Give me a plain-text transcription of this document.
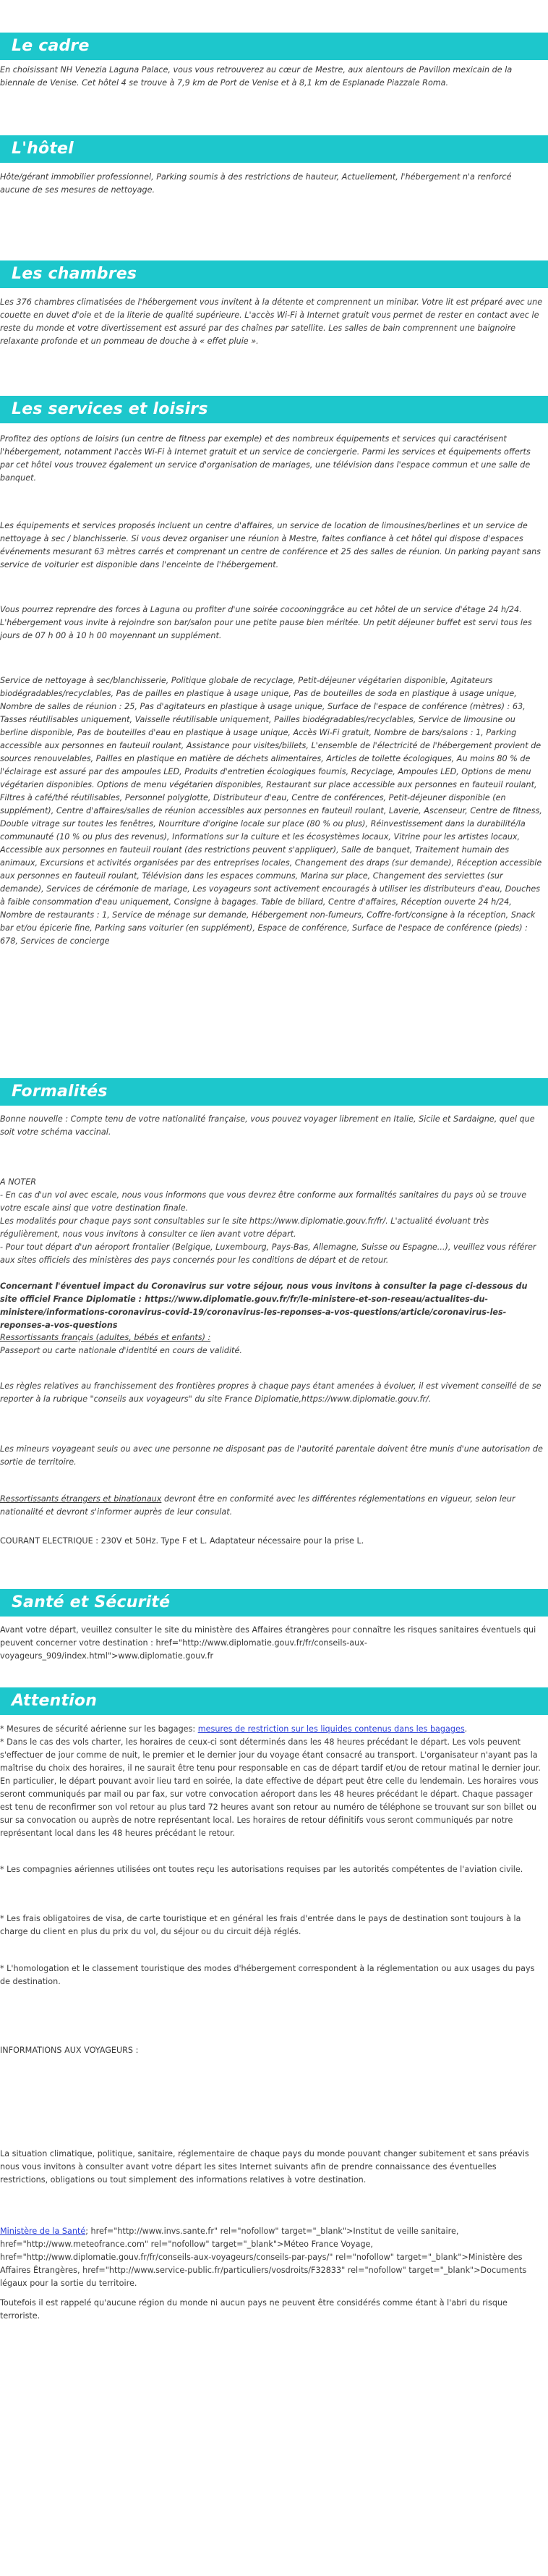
Le cadre

En choisissant NH Venezia Laguna Palace, vous vous retrouverez au cœur de Mestre, aux alentours de Pavillon mexicain de la biennale de Venise. Cet hôtel 4 se trouve à 7,9 km de Port de Venise et à 8,1 km de Esplanade Piazzale Roma.

L'hôtel

Hôte/gérant immobilier professionnel, Parking soumis à des restrictions de hauteur, Actuellement, l'hébergement n'a renforcé aucune de ses mesures de nettoyage.

Les chambres

Les 376 chambres climatisées de l'hébergement vous invitent à la détente et comprennent un minibar. Votre lit est préparé avec une couette en duvet d'oie et de la literie de qualité supérieure. L'accès Wi-Fi à Internet gratuit vous permet de rester en contact avec le reste du monde et votre divertissement est assuré par des chaînes par satellite. Les salles de bain comprennent une baignoire relaxante profonde et un pommeau de douche à « effet pluie ».

Les services et loisirs

Profitez des options de loisirs (un centre de fitness par exemple) et des nombreux équipements et services qui caractérisent l'hébergement, notamment l'accès Wi-Fi à Internet gratuit et un service de conciergerie. Parmi les services et équipements offerts par cet hôtel vous trouvez également un service d'organisation de mariages, une télévision dans l'espace commun et une salle de banquet.

Les équipements et services proposés incluent un centre d'affaires, un service de location de limousines/berlines et un service de nettoyage à sec / blanchisserie. Si vous devez organiser une réunion à Mestre, faites confiance à cet hôtel qui dispose d'espaces événements mesurant 63 mètres carrés et comprenant un centre de conférence et 25 des salles de réunion. Un parking payant sans service de voiturier est disponible dans l'enceinte de l'hébergement.

Vous pourrez reprendre des forces à Laguna ou profiter d'une soirée cocooninggrâce au cet hôtel de un service d'étage 24 h/24. L'hébergement vous invite à rejoindre son bar/salon pour une petite pause bien méritée. Un petit déjeuner buffet est servi tous les jours de 07 h 00 à 10 h 00 moyennant un supplément.

Service de nettoyage à sec/blanchisserie, Politique globale de recyclage, Petit-déjeuner végétarien disponible, Agitateurs biodégradables/recyclables, Pas de pailles en plastique à usage unique, Pas de bouteilles de soda en plastique à usage unique, Nombre de salles de réunion : 25, Pas d'agitateurs en plastique à usage unique, Surface de l'espace de conférence (mètres) : 63, Tasses réutilisables uniquement, Vaisselle réutilisable uniquement, Pailles biodégradables/recyclables, Service de limousine ou berline disponible, Pas de bouteilles d'eau en plastique à usage unique, Accès Wi-Fi gratuit, Nombre de bars/salons : 1, Parking accessible aux personnes en fauteuil roulant, Assistance pour visites/billets, L'ensemble de l'électricité de l'hébergement provient de sources renouvelables, Pailles en plastique en matière de déchets alimentaires, Articles de toilette écologiques, Au moins 80 % de l'éclairage est assuré par des ampoules LED, Produits d'entretien écologiques fournis, Recyclage, Ampoules LED, Options de menu végétarien disponibles. Options de menu végétarien disponibles, Restaurant sur place accessible aux personnes en fauteuil roulant, Filtres à café/thé réutilisables, Personnel polyglotte, Distributeur d'eau, Centre de conférences, Petit-déjeuner disponible (en supplément), Centre d'affaires/salles de réunion accessibles aux personnes en fauteuil roulant, Laverie, Ascenseur, Centre de fitness, Double vitrage sur toutes les fenêtres, Nourriture d'origine locale sur place (80 % ou plus), Réinvestissement dans la durabilité/la communauté (10 % ou plus des revenus), Informations sur la culture et les écosystèmes locaux, Vitrine pour les artistes locaux, Accessible aux personnes en fauteuil roulant (des restrictions peuvent s'appliquer), Salle de banquet, Traitement humain des animaux, Excursions et activités organisées par des entreprises locales, Changement des draps (sur demande), Réception accessible aux personnes en fauteuil roulant, Télévision dans les espaces communs, Marina sur place, Changement des serviettes (sur demande), Services de cérémonie de mariage, Les voyageurs sont activement encouragés à utiliser les distributeurs d'eau, Douches à faible consommation d'eau uniquement, Consigne à bagages. Table de billard, Centre d'affaires, Réception ouverte 24 h/24, Nombre de restaurants : 1, Service de ménage sur demande, Hébergement non-fumeurs, Coffre-fort/consigne à la réception, Snack bar et/ou épicerie fine, Parking sans voiturier (en supplément), Espace de conférence, Surface de l'espace de conférence (pieds) : 678, Services de concierge

Formalités

Bonne nouvelle : Compte tenu de votre nationalité française, vous pouvez voyager librement en Italie, Sicile et Sardaigne, quel que soit votre schéma vaccinal.

A NOTER

- En cas d'un vol avec escale, nous vous informons que vous devrez être conforme aux formalités sanitaires du pays où se trouve votre escale ainsi que votre destination finale.

Les modalités pour chaque pays sont consultables sur le site https://www.diplomatie.gouv.fr/fr/. L'actualité évoluant très régulièrement, nous vous invitons à consulter ce lien avant votre départ.

- Pour tout départ d'un aéroport frontalier (Belgique, Luxembourg, Pays-Bas, Allemagne, Suisse ou Espagne...), veuillez vous référer aux sites officiels des ministères des pays concernés pour les conditions de départ et de retour.

Concernant l'éventuel impact du Coronavirus sur votre séjour, nous vous invitons à consulter la page ci-dessous du site officiel France Diplomatie : https://www.diplomatie.gouv.fr/fr/le-ministere-et-son-reseau/actualites-du-ministere/informations-coronavirus-covid-19/coronavirus-les-reponses-a-vos-questions/article/coronavirus-les-reponses-a-vos-questions

Ressortissants français (adultes, bébés et enfants) :

Passeport ou carte nationale d'identité en cours de validité.

Les règles relatives au franchissement des frontières propres à chaque pays étant amenées à évoluer, il est vivement conseillé de se reporter à la rubrique "conseils aux voyageurs" du site France Diplomatie,https://www.diplomatie.gouv.fr/.

Les mineurs voyageant seuls ou avec une personne ne disposant pas de l'autorité parentale doivent être munis d'une autorisation de sortie de territoire.

Ressortissants étrangers et binationaux devront être en conformité avec les différentes réglementations en vigueur, selon leur nationalité et devront s'informer auprès de leur consulat.

COURANT ELECTRIQUE : 230V et 50Hz. Type F et L. Adaptateur nécessaire pour la prise L.

Santé et Sécurité

Avant votre départ, veuillez consulter le site du ministère des Affaires étrangères pour connaître les risques sanitaires éventuels qui peuvent concerner votre destination : href="http://www.diplomatie.gouv.fr/fr/conseils-aux-voyageurs_909/index.html">www.diplomatie.gouv.fr

Attention

* Mesures de sécurité aérienne sur les bagages: mesures de restriction sur les liquides contenus dans les bagages.

* Dans le cas des vols charter, les horaires de ceux-ci sont déterminés dans les 48 heures précédant le départ. Les vols peuvent s'effectuer de jour comme de nuit, le premier et le dernier jour du voyage étant consacré au transport. L'organisateur n'ayant pas la maîtrise du choix des horaires, il ne saurait être tenu pour responsable en cas de départ tardif et/ou de retour matinal le dernier jour. En particulier, le départ pouvant avoir lieu tard en soirée, la date effective de départ peut être celle du lendemain. Les horaires vous seront communiqués par mail ou par fax, sur votre convocation aéroport dans les 48 heures précédant le départ. Chaque passager est tenu de reconfirmer son vol retour au plus tard 72 heures avant son retour au numéro de téléphone se trouvant sur son billet ou sur sa convocation ou auprès de notre représentant local. Les horaires de retour définitifs vous seront communiqués par notre représentant local dans les 48 heures précédant le retour.

* Les compagnies aériennes utilisées ont toutes reçu les autorisations requises par les autorités compétentes de l'aviation civile.

* Les frais obligatoires de visa, de carte touristique et en général les frais d'entrée dans le pays de destination sont toujours à la charge du client en plus du prix du vol, du séjour ou du circuit déjà réglés.

* L'homologation et le classement touristique des modes d'hébergement correspondent à la réglementation ou aux usages du pays de destination.

INFORMATIONS AUX VOYAGEURS :

La situation climatique, politique, sanitaire, réglementaire de chaque pays du monde pouvant changer subitement et sans préavis nous vous invitons à consulter avant votre départ les sites Internet suivants afin de prendre connaissance des éventuelles restrictions, obligations ou tout simplement des informations relatives à votre destination.

Ministère de la Santé; href="http://www.invs.sante.fr" rel="nofollow" target="_blank">Institut de veille sanitaire, href="http://www.meteofrance.com" rel="nofollow" target="_blank">Méteo France Voyage, href="http://www.diplomatie.gouv.fr/fr/conseils-aux-voyageurs/conseils-par-pays/" rel="nofollow" target="_blank">Ministère des Affaires Étrangères, href="http://www.service-public.fr/particuliers/vosdroits/F32833" rel="nofollow" target="_blank">Documents légaux pour la sortie du territoire.

Toutefois il est rappelé qu'aucune région du monde ni aucun pays ne peuvent être considérés comme étant à l'abri du risque terroriste.
